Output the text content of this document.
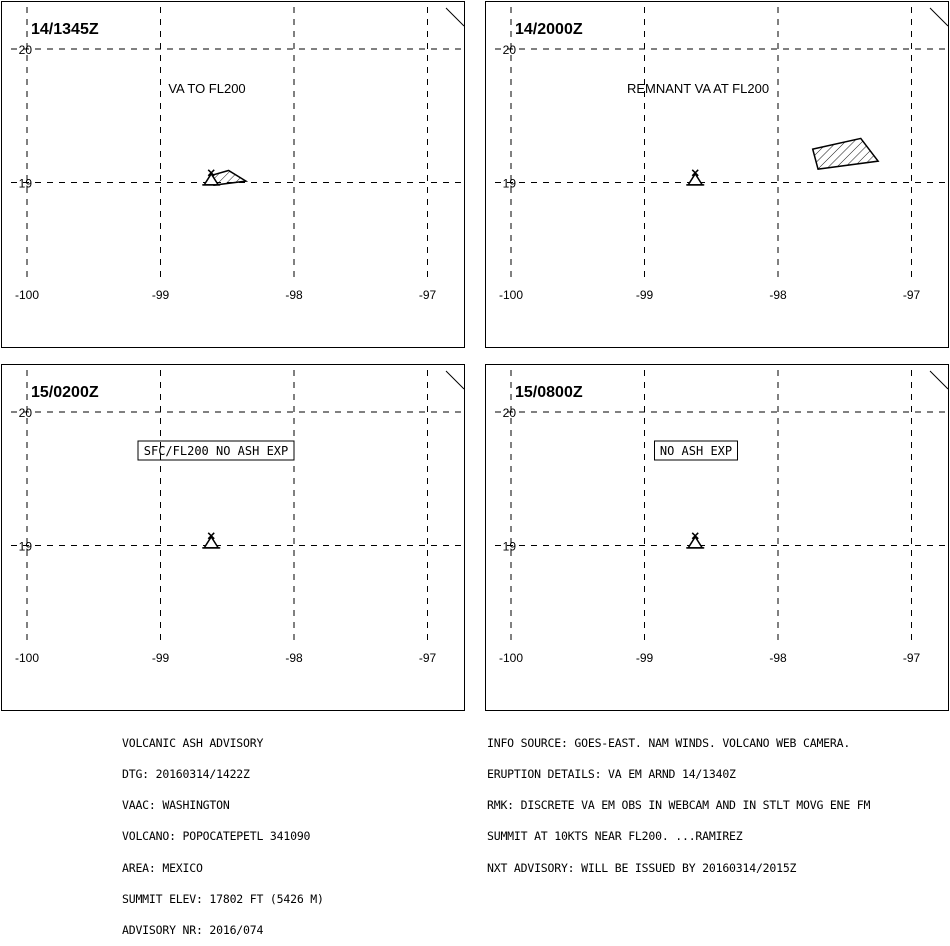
-100	-99	-98	-97
20
19
14/1345Z
VA TO FL200
-100	-99	-98	-97
20
19
14/2000Z
REMNANT VA AT FL200
-100	-99	-98	-97
20
19
15/0200Z
SFC/FL200 NO ASH EXP
-100	-99	-98	-97
20
19
15/0800Z
NO ASH EXP

VOLCANIC ASH ADVISORY

DTG: 20160314/1422Z

VAAC: WASHINGTON

VOLCANO: POPOCATEPETL 341090

AREA: MEXICO

SUMMIT ELEV: 17802 FT (5426 M)

ADVISORY NR: 2016/074

INFO SOURCE: GOES-EAST. NAM WINDS. VOLCANO WEB CAMERA.

ERUPTION DETAILS: VA EM ARND 14/1340Z

RMK: DISCRETE VA EM OBS IN WEBCAM AND IN STLT MOVG ENE FM

SUMMIT AT 10KTS NEAR FL200. ...RAMIREZ

NXT ADVISORY: WILL BE ISSUED BY 20160314/2015Z
